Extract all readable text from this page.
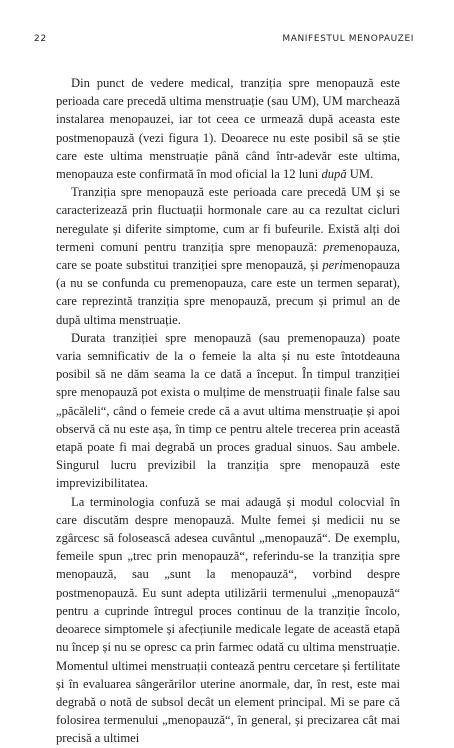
22	MANIFESTUL MENOPAUZEI

Din punct de vedere medical, tranziția spre menopauză este perioada care precedă ultima menstruație (sau UM), UM marchează instalarea menopauzei, iar tot ceea ce urmează după aceasta este postmenopauză (vezi figura 1). Deoarece nu este posibil să se știe care este ultima menstruație până când într-adevăr este ultima, menopauza este confirmată în mod oficial la 12 luni după UM.

Tranziția spre menopauză este perioada care precedă UM și se caracterizează prin fluctuații hormonale care au ca rezultat cicluri neregulate și diferite simptome, cum ar fi bufeurile. Există alți doi termeni comuni pentru tranziția spre menopauză: premenopauza, care se poate substitui tranziției spre menopauză, și perimenopauza (a nu se confunda cu premenopauza, care este un termen separat), care reprezintă tranziția spre menopauză, precum și primul an de după ultima menstruație.

Durata tranziției spre menopauză (sau premenopauza) poate varia semnificativ de la o femeie la alta și nu este întotdeauna posibil să ne dăm seama la ce dată a început. În timpul tranziției spre menopauză pot exista o mulțime de menstruații finale false sau „păcăleli“, când o femeie crede că a avut ultima menstruație și apoi observă că nu este așa, în timp ce pentru altele trecerea prin această etapă poate fi mai degrabă un proces gradual sinuos. Sau ambele. Singurul lucru previzibil la tranziția spre menopauză este imprevizibilitatea.

La terminologia confuză se mai adaugă și modul colocvial în care discutăm despre menopauză. Multe femei și medicii nu se zgârcesc să folosească adesea cuvântul „menopauză“. De exemplu, femeile spun „trec prin menopauză“, referindu-se la tranziția spre menopauză, sau „sunt la menopauză“, vorbind despre postmenopauză. Eu sunt adepta utilizării termenului „menopauză“ pentru a cuprinde întregul proces continuu de la tranziție încolo, deoarece simptomele și afecțiunile medicale legate de această etapă nu încep și nu se opresc ca prin farmec odată cu ultima menstruație. Momentul ultimei menstruații contează pentru cercetare și fertilitate și în evaluarea sângerărilor uterine anormale, dar, în rest, este mai degrabă o notă de subsol decât un element principal. Mi se pare că folosirea termenului „menopauză“, în general, și precizarea cât mai precisă a ultimei
